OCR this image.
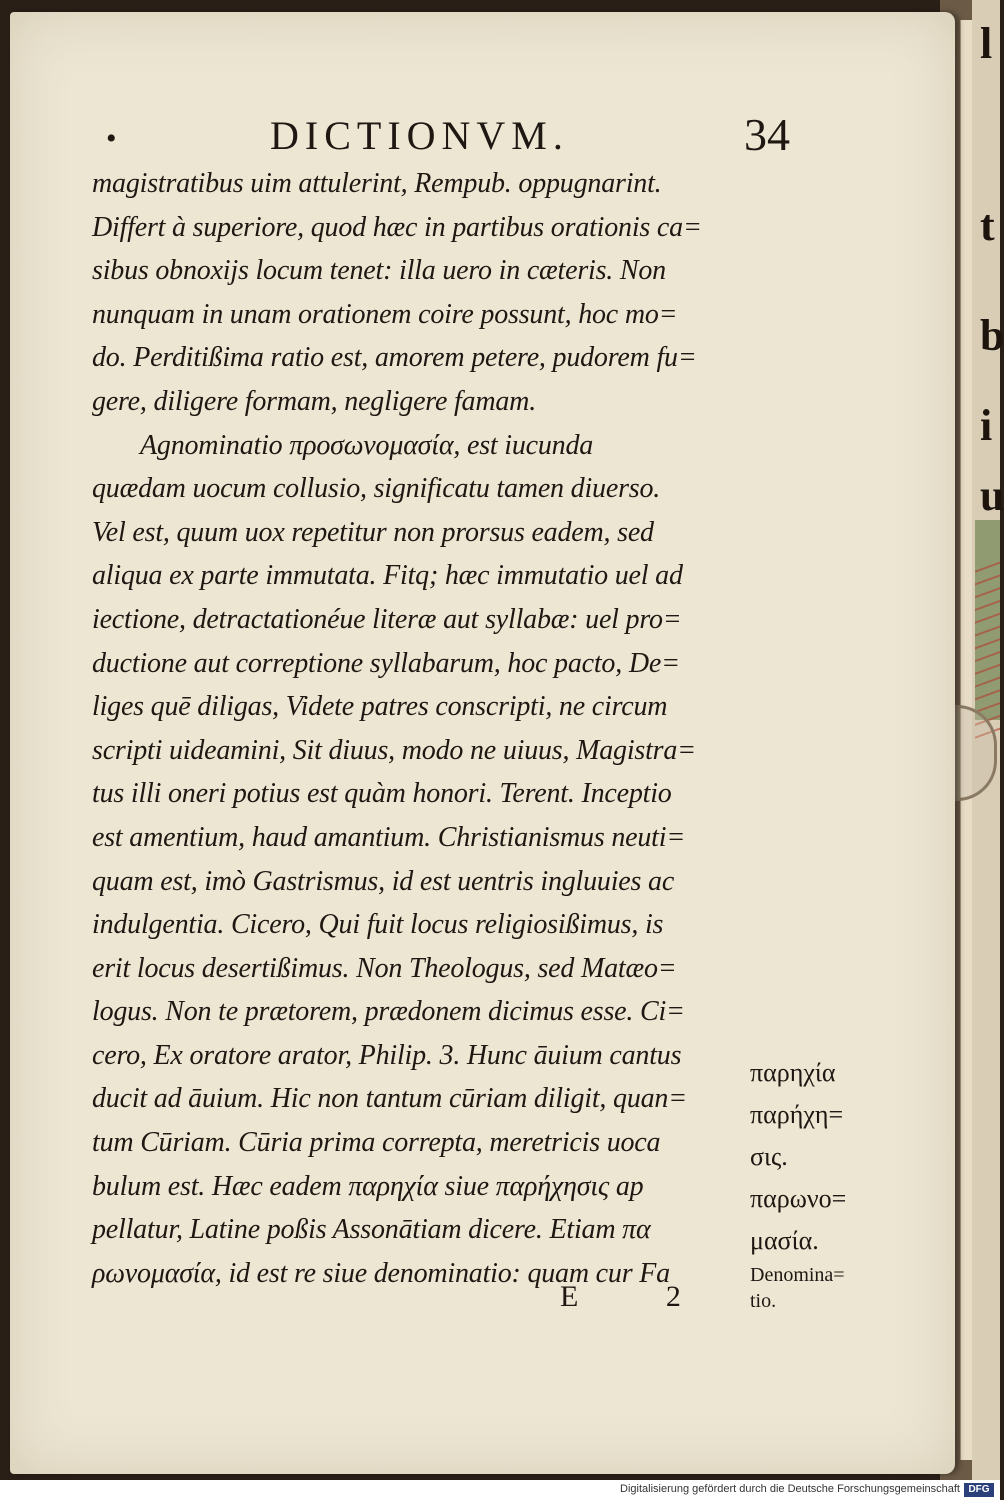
l
t
b
i
u
•	DICTIONVM.	34
magistratibus uim attulerint, Rempub. oppugnarint.
Differt à superiore, quod hæc in partibus orationis ca=
sibus obnoxijs locum tenet: illa uero in cæteris. Non
nunquam in unam orationem coire possunt, hoc mo=
do. Perditißima ratio est, amorem petere, pudorem fu=
gere, diligere formam, negligere famam.
Agnominatio προσωνομασία, est iucunda
quædam uocum collusio, significatu tamen diuerso.
Vel est, quum uox repetitur non prorsus eadem, sed
aliqua ex parte immutata. Fitq; hæc immutatio uel ad
iectione, detractationéue literæ aut syllabæ: uel pro=
ductione aut correptione syllabarum, hoc pacto, De=
liges quē diligas, Videte patres conscripti, ne circum
scripti uideamini, Sit diuus, modo ne uiuus, Magistra=
tus illi oneri potius est quàm honori. Terent. Inceptio
est amentium, haud amantium. Christianismus neuti=
quam est, imò Gastrismus, id est uentris ingluuies ac
indulgentia. Cicero, Qui fuit locus religiosißimus, is
erit locus desertißimus. Non Theologus, sed Matæo=
logus. Non te prætorem, prædonem dicimus esse. Ci=
cero, Ex oratore arator, Philip. 3. Hunc āuium cantus
ducit ad āuium. Hic non tantum cūriam diligit, quan=
tum Cūriam. Cūria prima correpta, meretricis uoca
bulum est. Hæc eadem παρηχία siue παρήχησις ap
pellatur, Latine poßis Assonātiam dicere. Etiam πα
ρωνομασία, id est re siue denominatio: quam cur Fa
παρηχία
παρήχη=
σις.
παρωνο=
μασία.
Denomina=
tio.
E 2
Digitalisierung gefördert durch die Deutsche Forschungsgemeinschaft DFG
